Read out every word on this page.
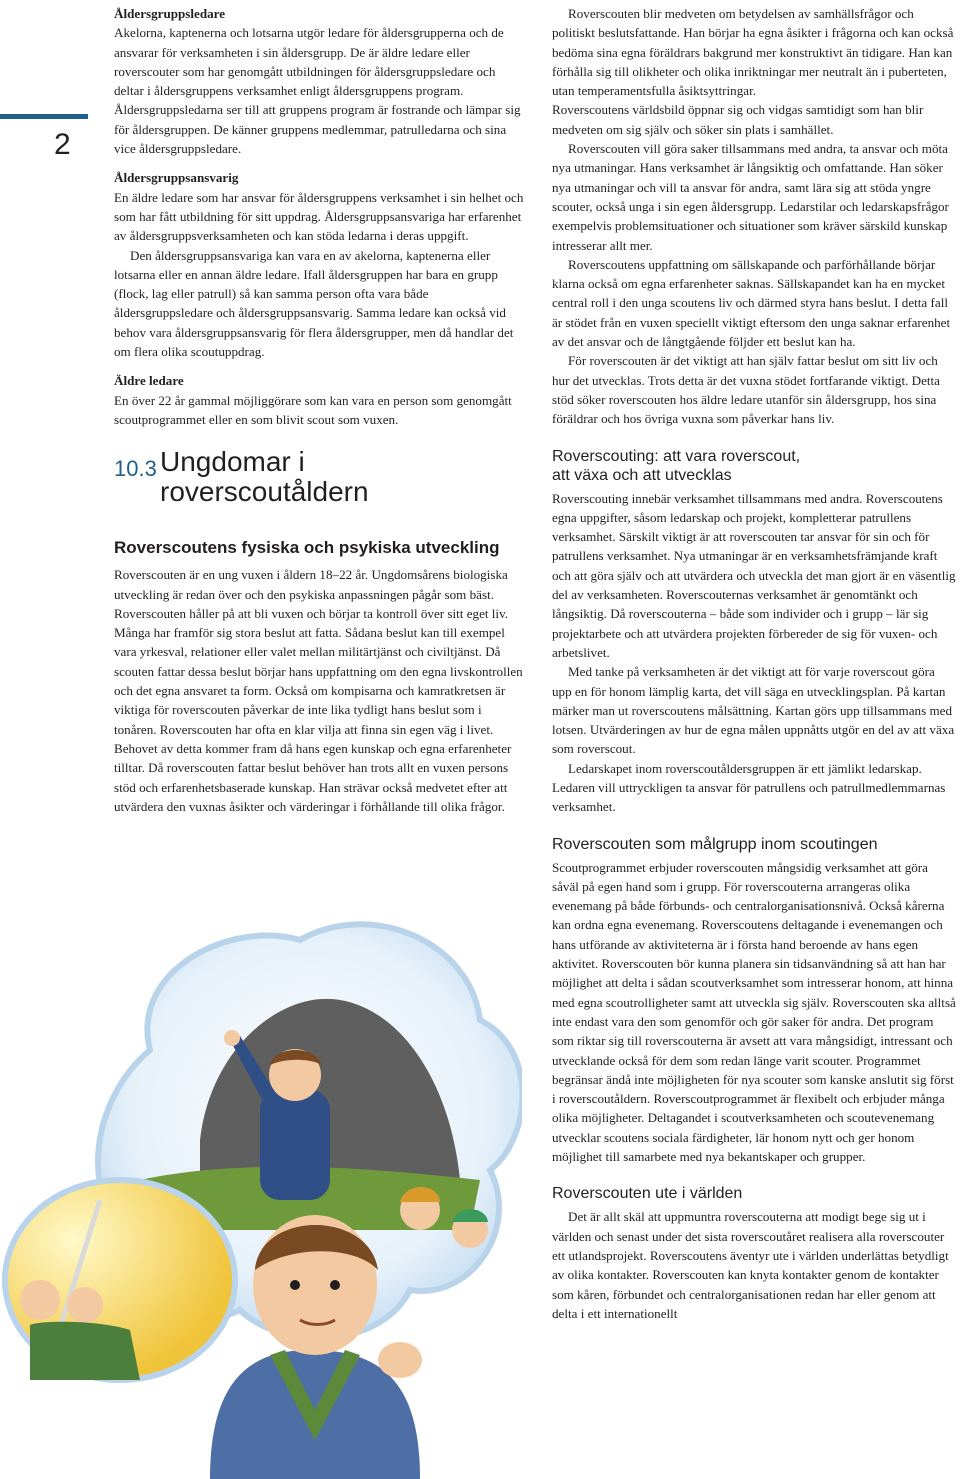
2
Åldersgruppsledare

Akelorna, kaptenerna och lotsarna utgör ledare för åldersgrupperna och de ansvarar för verksamheten i sin åldersgrupp. De är äldre ledare eller roverscouter som har genomgått utbildningen för åldersgruppsledare och deltar i åldersgruppens verksamhet enligt åldersgruppens program.

Åldersgruppsledarna ser till att gruppens program är fostrande och lämpar sig för åldersgruppen. De känner gruppens medlemmar, patrulledarna och sina vice åldersgruppsledare.

Åldersgruppsansvarig

En äldre ledare som har ansvar för åldersgruppens verksamhet i sin helhet och som har fått utbildning för sitt uppdrag. Åldersgruppsansvariga har erfarenhet av åldersgruppsverksamheten och kan stöda ledarna i deras uppgift.

Den åldersgruppsansvariga kan vara en av akelorna, kaptenerna eller lotsarna eller en annan äldre ledare. Ifall åldersgruppen har bara en grupp (flock, lag eller patrull) så kan samma person ofta vara både åldersgruppsledare och åldersgruppsansvarig. Samma ledare kan också vid behov vara åldersgruppsansvarig för flera åldersgrupper, men då handlar det om flera olika scoutuppdrag.

Äldre ledare

En över 22 år gammal möjliggörare som kan vara en person som genomgått scoutprogrammet eller en som blivit scout som vuxen.

10.3 Ungdomar i
roverscoutåldern
Roverscoutens fysiska och psykiska utveckling

Roverscouten är en ung vuxen i åldern 18–22 år. Ungdomsårens biologiska utveckling är redan över och den psykiska anpassningen pågår som bäst. Roverscouten håller på att bli vuxen och börjar ta kontroll över sitt eget liv. Många har framför sig stora beslut att fatta. Sådana beslut kan till exempel vara yrkesval, relationer eller valet mellan militärtjänst och civiltjänst. Då scouten fattar dessa beslut börjar hans uppfattning om den egna livskontrollen och det egna ansvaret ta form. Också om kompisarna och kamratkretsen är viktiga för roverscouten påverkar de inte lika tydligt hans beslut som i tonåren. Roverscouten har ofta en klar vilja att finna sin egen väg i livet. Behovet av detta kommer fram då hans egen kunskap och egna erfarenheter tilltar. Då roverscouten fattar beslut behöver han trots allt en vuxen persons stöd och erfarenhetsbaserade kunskap. Han strävar också medvetet efter att utvärdera den vuxnas åsikter och värderingar i förhållande till olika frågor.

Roverscouten blir medveten om betydelsen av samhällsfrågor och politiskt beslutsfattande. Han börjar ha egna åsikter i frågorna och kan också bedöma sina egna föräldrars bakgrund mer konstruktivt än tidigare. Han kan förhålla sig till olikheter och olika inriktningar mer neutralt än i puberteten, utan temperamentsfulla åsiktsyttringar.

Roverscoutens världsbild öppnar sig och vidgas samtidigt som han blir medveten om sig själv och söker sin plats i samhället.

Roverscouten vill göra saker tillsammans med andra, ta ansvar och möta nya utmaningar. Hans verksamhet är långsiktig och omfattande. Han söker nya utmaningar och vill ta ansvar för andra, samt lära sig att stöda yngre scouter, också unga i sin egen åldersgrupp. Ledarstilar och ledarskapsfrågor exempelvis problemsituationer och situationer som kräver särskild kunskap intresserar allt mer.

Roverscoutens uppfattning om sällskapande och parförhållande börjar klarna också om egna erfarenheter saknas. Sällskapandet kan ha en mycket central roll i den unga scoutens liv och därmed styra hans beslut. I detta fall är stödet från en vuxen speciellt viktigt eftersom den unga saknar erfarenhet av det ansvar och de långtgående följder ett beslut kan ha.

För roverscouten är det viktigt att han själv fattar beslut om sitt liv och hur det utvecklas. Trots detta är det vuxna stödet fortfarande viktigt. Detta stöd söker roverscouten hos äldre ledare utanför sin åldersgrupp, hos sina föräldrar och hos övriga vuxna som påverkar hans liv.

Roverscouting: att vara roverscout,
att växa och att utvecklas

Roverscouting innebär verksamhet tillsammans med andra. Roverscoutens egna uppgifter, såsom ledarskap och projekt, kompletterar patrullens verksamhet. Särskilt viktigt är att roverscouten tar ansvar för sin och för patrullens verksamhet. Nya utmaningar är en verksamhetsfrämjande kraft och att göra själv och att utvärdera och utveckla det man gjort är en väsentlig del av verksamheten. Roverscouternas verksamhet är genomtänkt och långsiktig. Då roverscouterna – både som individer och i grupp – lär sig projektarbete och att utvärdera projekten förbereder de sig för vuxen- och arbetslivet.

Med tanke på verksamheten är det viktigt att för varje roverscout göra upp en för honom lämplig karta, det vill säga en utvecklingsplan. På kartan märker man ut roverscoutens målsättning. Kartan görs upp tillsammans med lotsen. Utvärderingen av hur de egna målen uppnåtts utgör en del av att växa som roverscout.

Ledarskapet inom roverscoutåldersgruppen är ett jämlikt ledarskap. Ledaren vill uttryckligen ta ansvar för patrullens och patrullmedlemmarnas verksamhet.

Roverscouten som målgrupp inom scoutingen

Scoutprogrammet erbjuder roverscouten mångsidig verksamhet att göra såväl på egen hand som i grupp. För roverscouterna arrangeras olika evenemang på både förbunds- och centralorganisationsnivå. Också kårerna kan ordna egna evenemang. Roverscoutens deltagande i evenemangen och hans utförande av aktiviteterna är i första hand beroende av hans egen aktivitet. Roverscouten bör kunna planera sin tidsanvändning så att han har möjlighet att delta i sådan scoutverksamhet som intresserar honom, att hinna med egna scoutrolligheter samt att utveckla sig själv. Roverscouten ska alltså inte endast vara den som genomför och gör saker för andra. Det program som riktar sig till roverscouterna är avsett att vara mångsidigt, intressant och utvecklande också för dem som redan länge varit scouter. Programmet begränsar ändå inte möjligheten för nya scouter som kanske anslutit sig först i roverscoutåldern. Roverscoutprogrammet är flexibelt och erbjuder många olika möjligheter. Deltagandet i scoutverksamheten och scoutevenemang utvecklar scoutens sociala färdigheter, lär honom nytt och ger honom möjlighet till samarbete med nya bekantskaper och grupper.

Roverscouten ute i världen

Det är allt skäl att uppmuntra roverscouterna att modigt bege sig ut i världen och senast under det sista roverscoutåret realisera alla roverscouter ett utlandsprojekt. Roverscoutens äventyr ute i världen underlättas betydligt av olika kontakter. Roverscouten kan knyta kontakter genom de kontakter som kåren, förbundet och centralorganisationen redan har eller genom att delta i ett internationellt
